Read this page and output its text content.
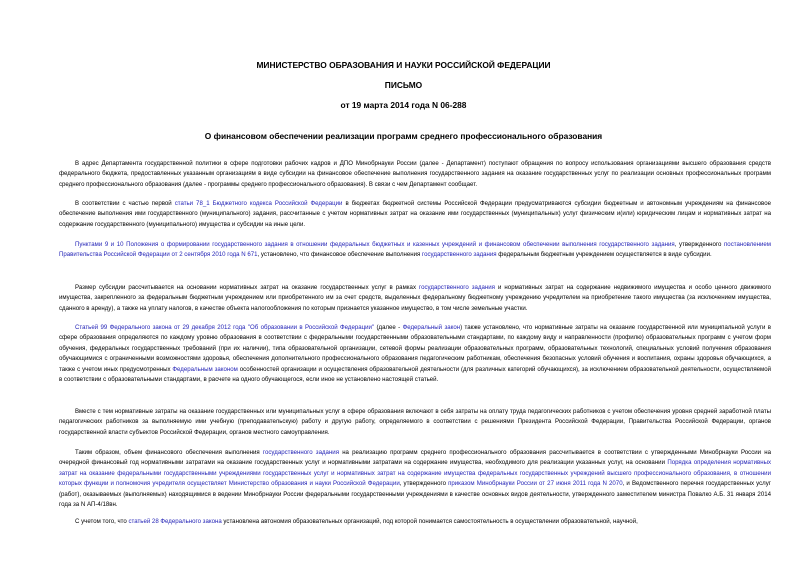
МИНИСТЕРСТВО ОБРАЗОВАНИЯ И НАУКИ РОССИЙСКОЙ ФЕДЕРАЦИИ
ПИСЬМО
от 19 марта 2014 года N 06-288
О финансовом обеспечении реализации программ среднего профессионального образования

В адрес Департамента государственной политики в сфере подготовки рабочих кадров и ДПО Минобрнауки России (далее - Департамент) поступают обращения по вопросу использования организациями высшего образования средств федерального бюджета, предоставленных указанным организациям в виде субсидии на финансовое обеспечение выполнения государственного задания на оказание государственных услуг по реализации основных профессиональных программ среднего профессионального образования (далее - программы среднего профессионального образования). В связи с чем Департамент сообщает.

В соответствии с частью первой статьи 78_1 Бюджетного кодекса Российской Федерации в бюджетах бюджетной системы Российской Федерации предусматриваются субсидии бюджетным и автономным учреждениям на финансовое обеспечение выполнения ими государственного (муниципального) задания, рассчитанные с учетом нормативных затрат на оказание ими государственных (муниципальных) услуг физическим и(или) юридическим лицам и нормативных затрат на содержание государственного (муниципального) имущества и субсидии на иные цели.

Пунктами 9 и 10 Положения о формировании государственного задания в отношении федеральных бюджетных и казенных учреждений и финансовом обеспечении выполнения государственного задания, утвержденного постановлением Правительства Российской Федерации от 2 сентября 2010 года N 671, установлено, что финансовое обеспечение выполнения государственного задания федеральным бюджетным учреждением осуществляется в виде субсидии.

Размер субсидии рассчитывается на основании нормативных затрат на оказание государственных услуг в рамках государственного задания и нормативных затрат на содержание недвижимого имущества и особо ценного движимого имущества, закрепленного за федеральным бюджетным учреждением или приобретенного им за счет средств, выделенных федеральному бюджетному учреждению учредителем на приобретение такого имущества (за исключением имущества, сданного в аренду), а также на уплату налогов, в качестве объекта налогообложения по которым признается указанное имущество, в том числе земельные участки.

Статьей 99 Федерального закона от 29 декабря 2012 года "Об образовании в Российской Федерации" (далее - Федеральный закон) также установлено, что нормативные затраты на оказание государственной или муниципальной услуги в сфере образования определяются по каждому уровню образования в соответствии с федеральными государственными образовательными стандартами, по каждому виду и направленности (профилю) образовательных программ с учетом форм обучения, федеральных государственных требований (при их наличии), типа образовательной организации, сетевой формы реализации образовательных программ, образовательных технологий, специальных условий получения образования обучающимися с ограниченными возможностями здоровья, обеспечения дополнительного профессионального образования педагогическим работникам, обеспечения безопасных условий обучения и воспитания, охраны здоровья обучающихся, а также с учетом иных предусмотренных Федеральным законом особенностей организации и осуществления образовательной деятельности (для различных категорий обучающихся), за исключением образовательной деятельности, осуществляемой в соответствии с образовательными стандартами, в расчете на одного обучающегося, если иное не установлено настоящей статьей.

Вместе с тем нормативные затраты на оказание государственных или муниципальных услуг в сфере образования включают в себя затраты на оплату труда педагогических работников с учетом обеспечения уровня средней заработной платы педагогических работников за выполняемую ими учебную (преподавательскую) работу и другую работу, определяемого в соответствии с решениями Президента Российской Федерации, Правительства Российской Федерации, органов государственной власти субъектов Российской Федерации, органов местного самоуправления.

Таким образом, объем финансового обеспечения выполнения государственного задания на реализацию программ среднего профессионального образования рассчитывается в соответствии с утвержденными Минобрнауки России на очередной финансовый год нормативными затратами на оказание государственных услуг и нормативными затратами на содержание имущества, необходимого для реализации указанных услуг, на основании Порядка определения нормативных затрат на оказание федеральными государственными учреждениями государственных услуг и нормативных затрат на содержание имущества федеральных государственных учреждений высшего профессионального образования, в отношении которых функции и полномочия учредителя осуществляет Министерство образования и науки Российской Федерации, утвержденного приказом Минобрнауки России от 27 июня 2011 года N 2070, и Ведомственного перечня государственных услуг (работ), оказываемых (выполняемых) находящимися в ведении Минобрнауки России федеральными государственными учреждениями в качестве основных видов деятельности, утвержденного заместителем министра Повалко А.Б. 31 января 2014 года за N АП-4/18вн.

С учетом того, что статьей 28 Федерального закона установлена автономия образовательных организаций, под которой понимается самостоятельность в осуществлении образовательной, научной,
